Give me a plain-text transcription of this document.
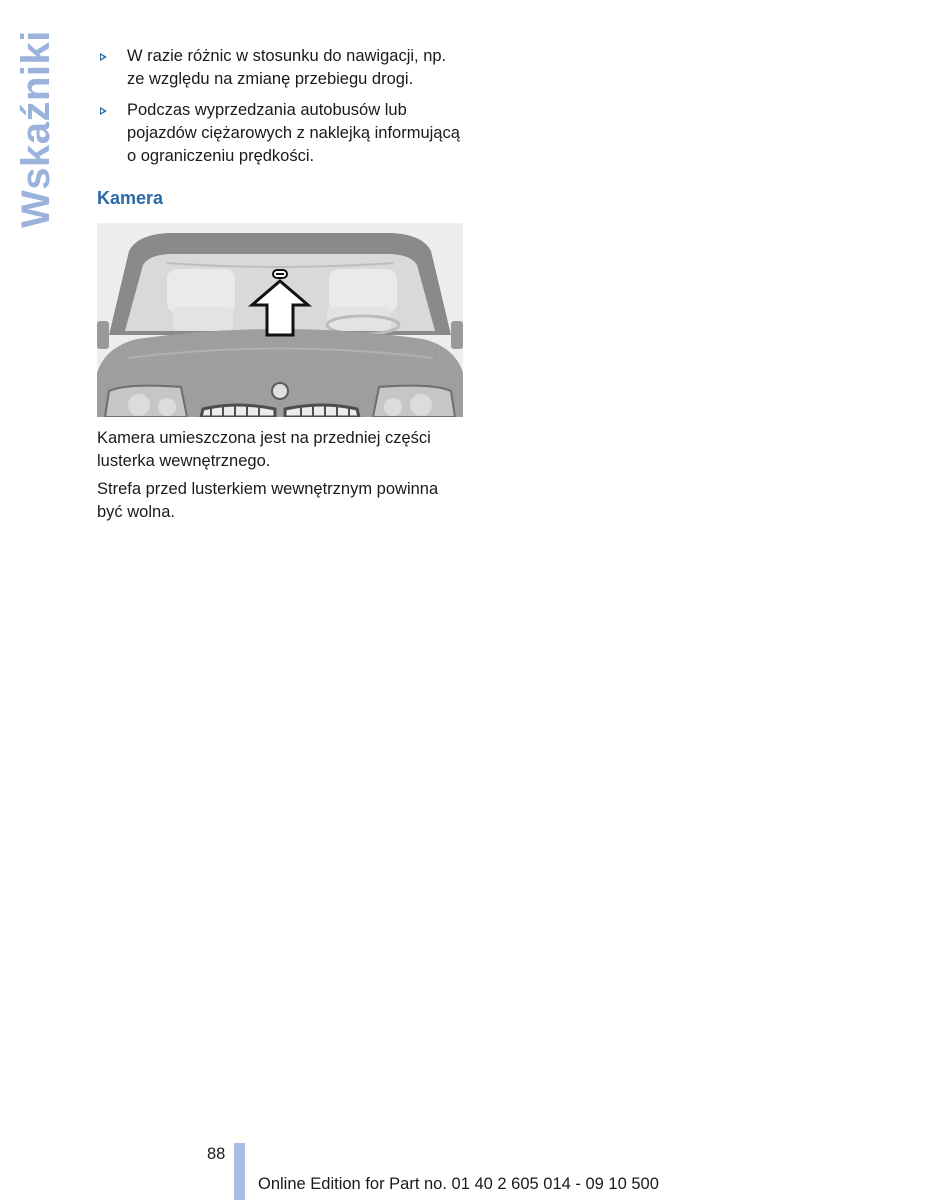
Wskaźniki	W razie różnic w stosunku do nawigacji, np. ze względu na zmianę przebiegu drogi.
Podczas wyprzedzania autobusów lub pojazdów ciężarowych z naklejką informującą o ograniczeniu prędkości.
Kamera

Kamera umieszczona jest na przedniej części lusterka wewnętrznego.

Strefa przed lusterkiem wewnętrznym powinna być wolna.

88
Online Edition for Part no. 01 40 2 605 014 - 09 10 500
